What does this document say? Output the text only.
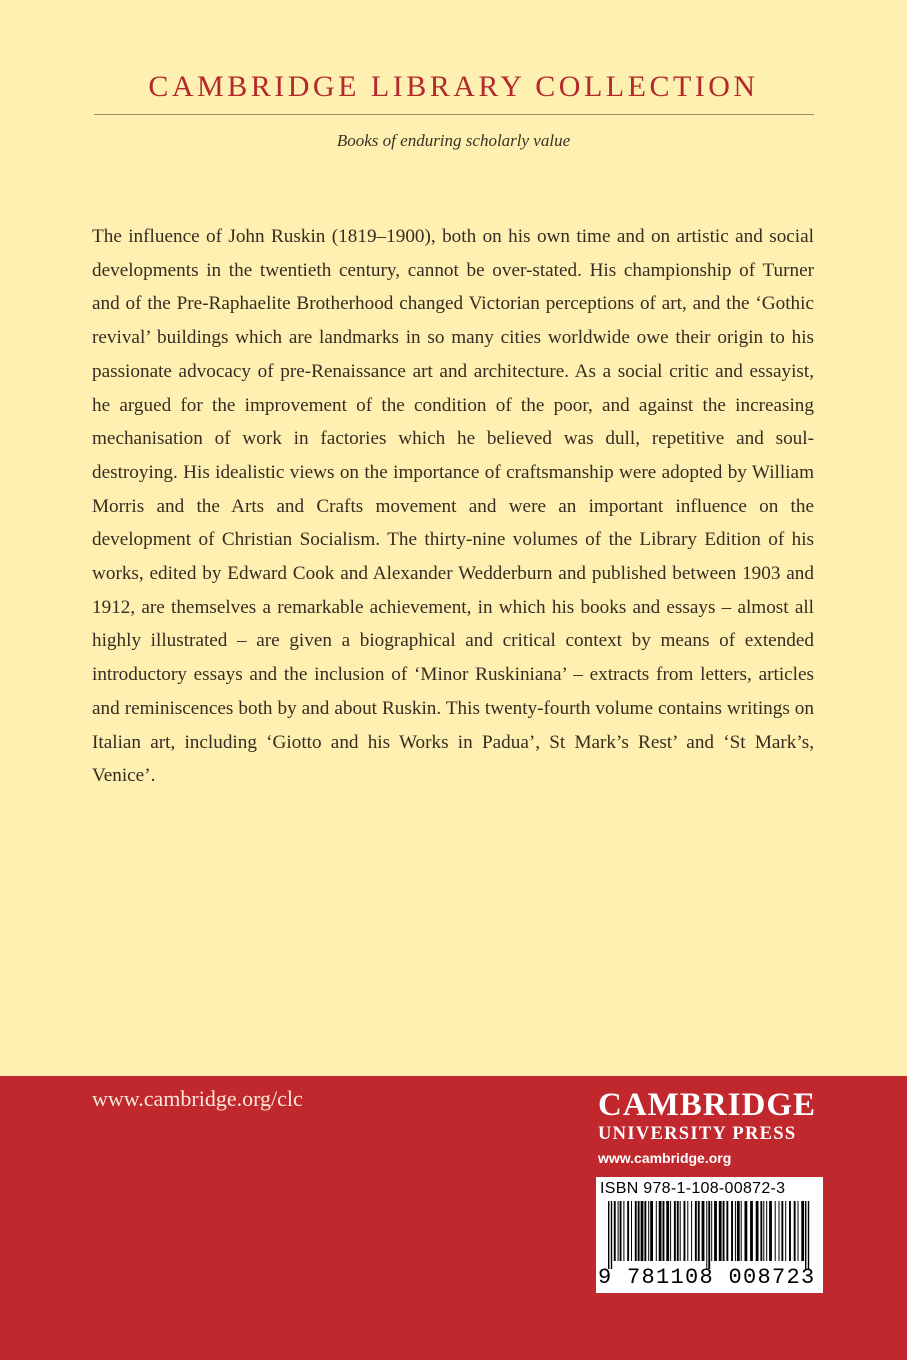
CAMBRIDGE LIBRARY COLLECTION
Books of enduring scholarly value

The influence of John Ruskin (1819–1900), both on his own time and on artistic and social developments in the twentieth century, cannot be over-stated. His championship of Turner and of the Pre-Raphaelite Brotherhood changed Victorian perceptions of art, and the ‘Gothic revival’ buildings which are landmarks in so many cities worldwide owe their origin to his passionate advocacy of pre-Renaissance art and architecture. As a social critic and essayist, he argued for the improvement of the condition of the poor, and against the increasing mechanisation of work in factories which he believed was dull, repetitive and soul-destroying. His idealistic views on the importance of craftsmanship were adopted by William Morris and the Arts and Crafts movement and were an important influence on the development of Christian Socialism. The thirty-nine volumes of the Library Edition of his works, edited by Edward Cook and Alexander Wedderburn and published between 1903 and 1912, are themselves a remarkable achievement, in which his books and essays – almost all highly illustrated – are given a biographical and critical context by means of extended introductory essays and the inclusion of ‘Minor Ruskiniana’ – extracts from letters, articles and reminiscences both by and about Ruskin. This twenty-fourth volume contains writings on Italian art, including ‘Giotto and his Works in Padua’, St Mark’s Rest’ and ‘St Mark’s, Venice’.

www.cambridge.org/clc	CAMBRIDGE
UNIVERSITY PRESS
www.cambridge.org
ISBN 978-1-108-00872-3
9 781108 008723
